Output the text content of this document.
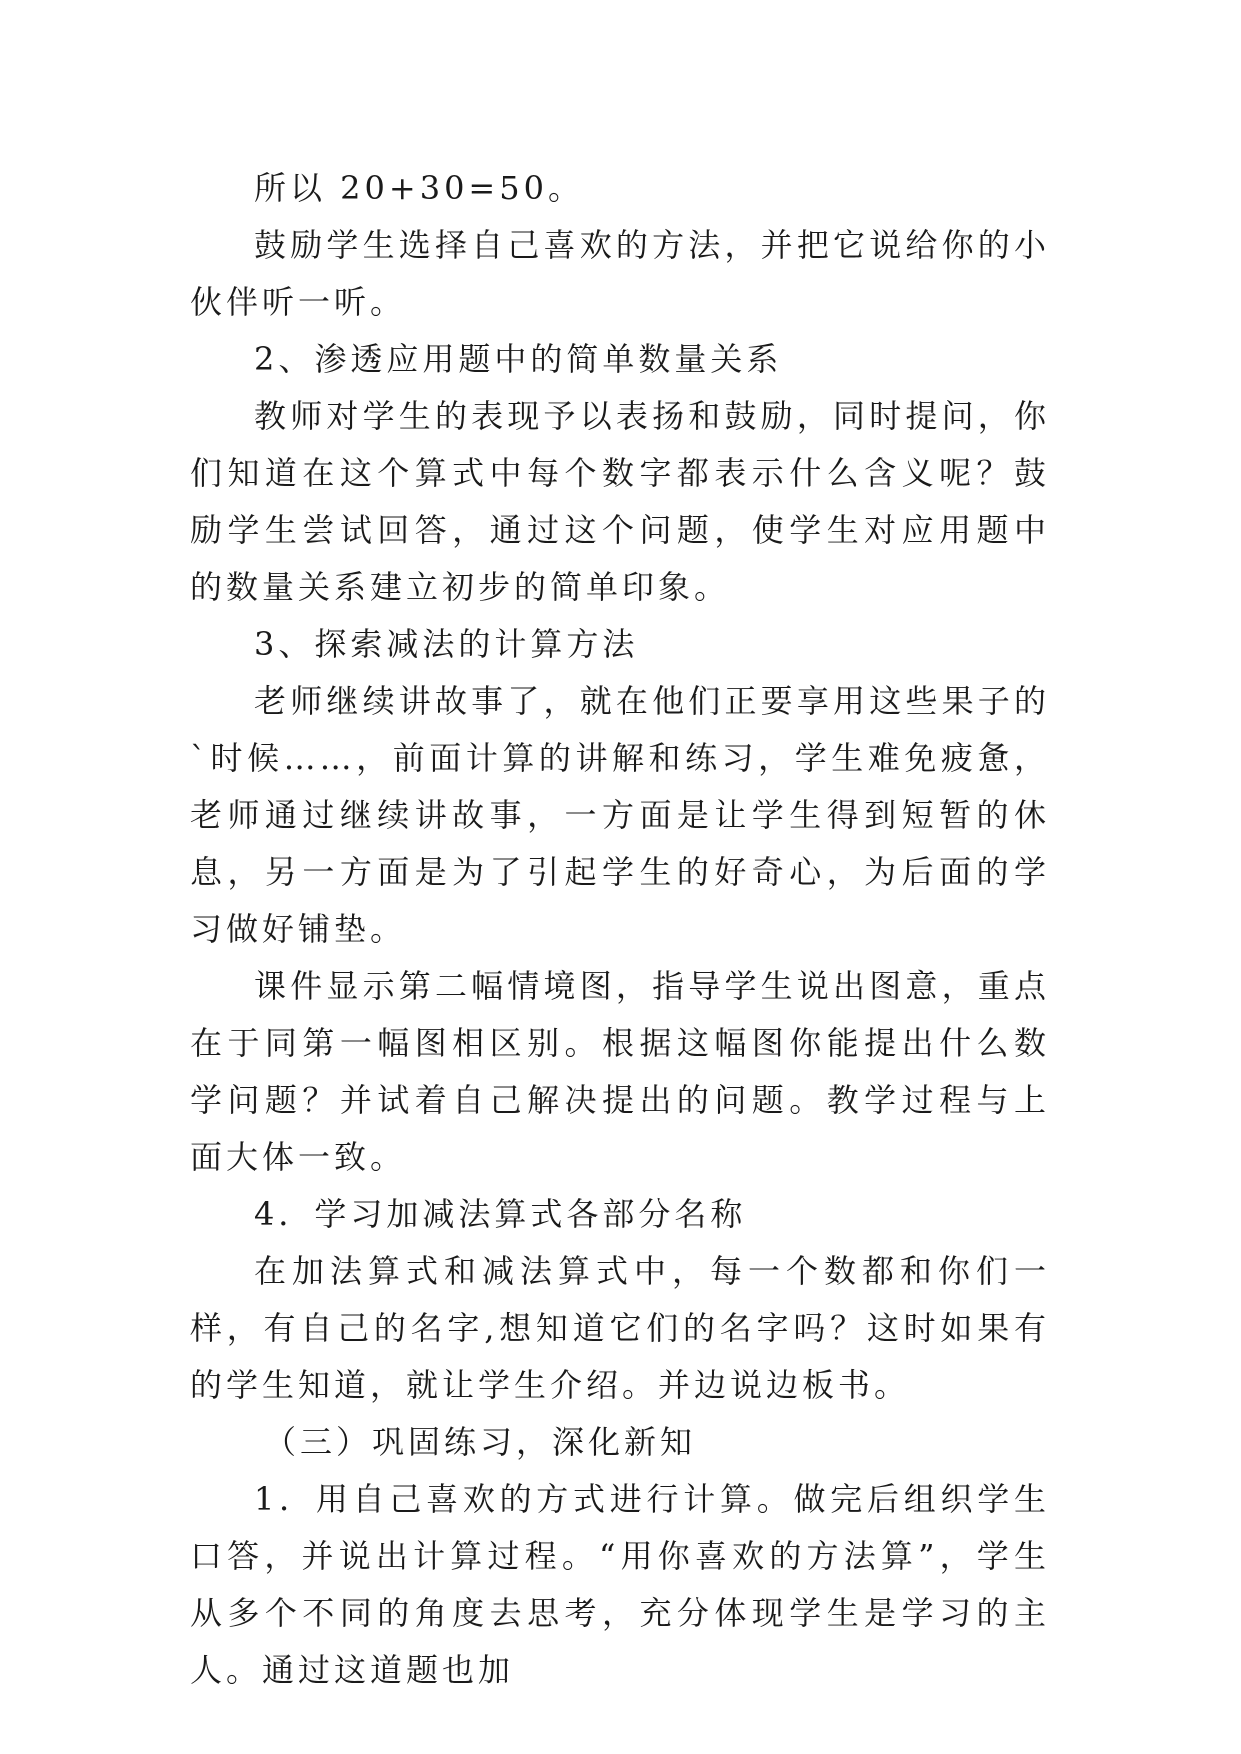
所以 20+30=50。

鼓励学生选择自己喜欢的方法，并把它说给你的小伙伴听一听。

2、渗透应用题中的简单数量关系

教师对学生的表现予以表扬和鼓励，同时提问，你们知道在这个算式中每个数字都表示什么含义呢？鼓励学生尝试回答，通过这个问题，使学生对应用题中的数量关系建立初步的简单印象。

3、探索减法的计算方法

老师继续讲故事了，就在他们正要享用这些果子的`时候……，前面计算的讲解和练习，学生难免疲惫，老师通过继续讲故事，一方面是让学生得到短暂的休息，另一方面是为了引起学生的好奇心，为后面的学习做好铺垫。

课件显示第二幅情境图，指导学生说出图意，重点在于同第一幅图相区别。根据这幅图你能提出什么数学问题？并试着自己解决提出的问题。教学过程与上面大体一致。

4．学习加减法算式各部分名称

在加法算式和减法算式中，每一个数都和你们一样，有自己的名字,想知道它们的名字吗？这时如果有的学生知道，就让学生介绍。并边说边板书。

（三）巩固练习，深化新知

1．用自己喜欢的方式进行计算。做完后组织学生口答，并说出计算过程。“用你喜欢的方法算”，学生从多个不同的角度去思考，充分体现学生是学习的主人。通过这道题也加
